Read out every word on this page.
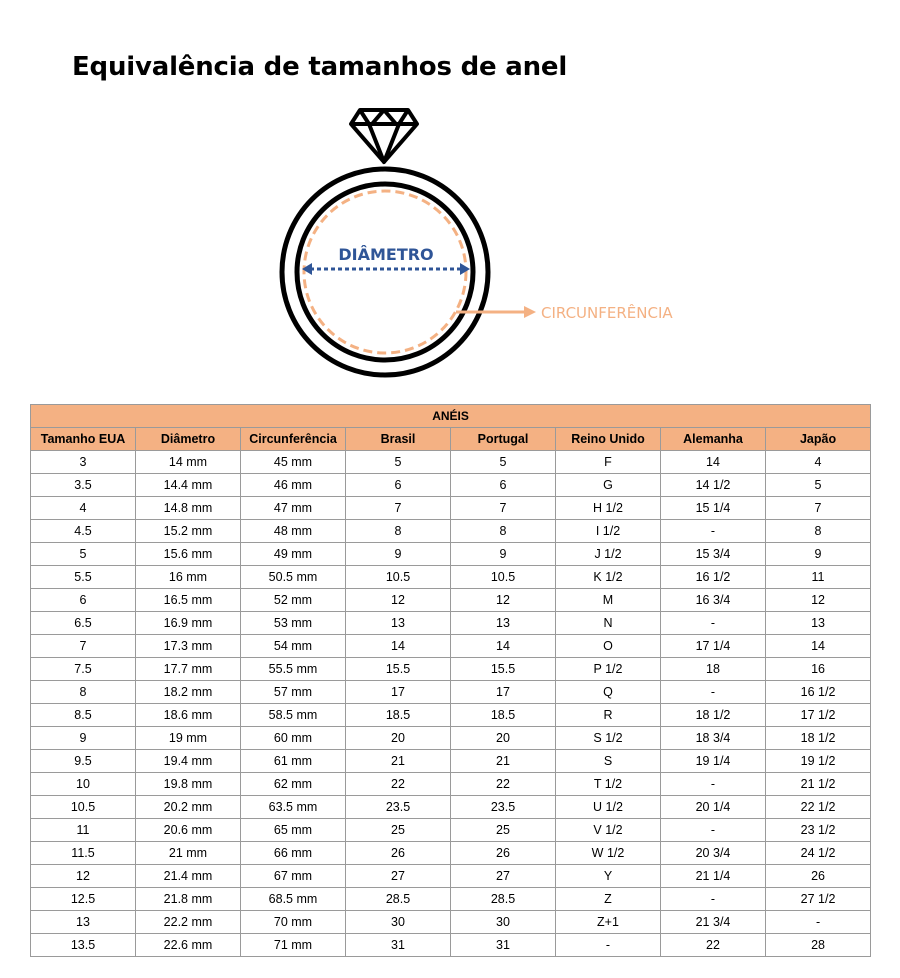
Equivalência de tamanhos de anel
DIÂMETRO
CIRCUNFERÊNCIA
ANÉIS							
Tamanho EUA	Diâmetro	Circunferência	Brasil	Portugal	Reino Unido	Alemanha	Japão
3	14 mm	45 mm	5	5	F	14	4
3.5	14.4 mm	46 mm	6	6	G	14 1/2	5
4	14.8 mm	47 mm	7	7	H 1/2	15 1/4	7
4.5	15.2 mm	48 mm	8	8	I 1/2	-	8
5	15.6 mm	49 mm	9	9	J 1/2	15 3/4	9
5.5	16 mm	50.5 mm	10.5	10.5	K 1/2	16 1/2	11
6	16.5 mm	52 mm	12	12	M	16 3/4	12
6.5	16.9 mm	53 mm	13	13	N	-	13
7	17.3 mm	54 mm	14	14	O	17 1/4	14
7.5	17.7 mm	55.5 mm	15.5	15.5	P 1/2	18	16
8	18.2 mm	57 mm	17	17	Q	-	16 1/2
8.5	18.6 mm	58.5 mm	18.5	18.5	R	18 1/2	17 1/2
9	19 mm	60 mm	20	20	S 1/2	18 3/4	18 1/2
9.5	19.4 mm	61 mm	21	21	S	19 1/4	19 1/2
10	19.8 mm	62 mm	22	22	T 1/2	-	21 1/2
10.5	20.2 mm	63.5 mm	23.5	23.5	U 1/2	20 1/4	22 1/2
11	20.6 mm	65 mm	25	25	V 1/2	-	23 1/2
11.5	21 mm	66 mm	26	26	W 1/2	20 3/4	24 1/2
12	21.4 mm	67 mm	27	27	Y	21 1/4	26
12.5	21.8 mm	68.5 mm	28.5	28.5	Z	-	27 1/2
13	22.2 mm	70 mm	30	30	Z+1	21 3/4	-
13.5	22.6 mm	71 mm	31	31	-	22	28
